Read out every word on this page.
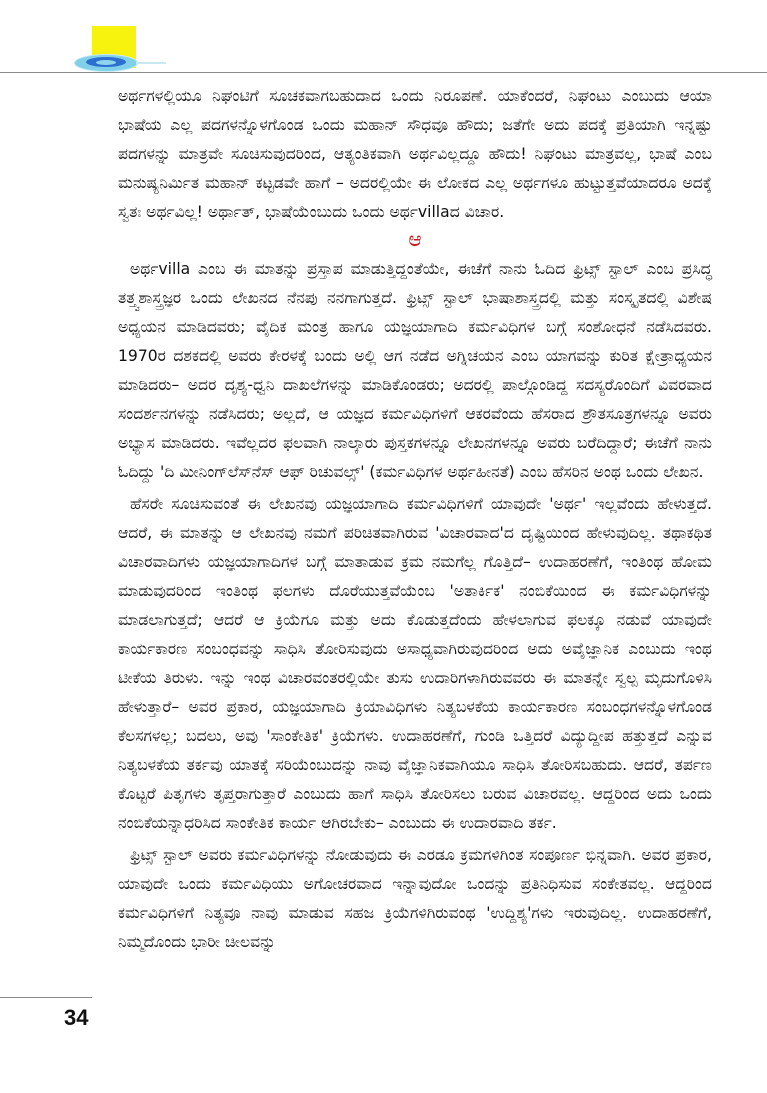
ಅರ್ಥಗಳಲ್ಲಿಯೂ ನಿಘಂಟಿಗೆ ಸೂಚಕವಾಗಬಹುದಾದ ಒಂದು ನಿರೂಪಣೆ. ಯಾಕೆಂದರೆ, ನಿಘಂಟು ಎಂಬುದು ಆಯಾ ಭಾಷೆಯ ಎಲ್ಲ ಪದಗಳನ್ನೊಳಗೊಂಡ ಒಂದು ಮಹಾನ್ ಸೌಧವೂ ಹೌದು; ಜತೆಗೇ ಅದು ಪದಕ್ಕೆ ಪ್ರತಿಯಾಗಿ ಇನ್ನಷ್ಟು ಪದಗಳನ್ನು ಮಾತ್ರವೇ ಸೂಚಿಸುವುದರಿಂದ, ಆತ್ಯಂತಿಕವಾಗಿ ಅರ್ಥವಿಲ್ಲದ್ದೂ ಹೌದು! ನಿಘಂಟು ಮಾತ್ರವಲ್ಲ, ಭಾಷೆ ಎಂಬ ಮನುಷ್ಯನಿರ್ಮಿತ ಮಹಾನ್ ಕಟ್ಟಡವೇ ಹಾಗೆ – ಅದರಲ್ಲಿಯೇ ಈ ಲೋಕದ ಎಲ್ಲ ಅರ್ಥಗಳೂ ಹುಟ್ಟುತ್ತವೆಯಾದರೂ ಅದಕ್ಕೆ ಸ್ವತಃ ಅರ್ಥವಿಲ್ಲ! ಅರ್ಥಾತ್, ಭಾಷೆಯೆಂಬುದು ಒಂದು ಅರ್ಥvillaದ ವಿಚಾರ.

ಆ

ಅರ್ಥvilla ಎಂಬ ಈ ಮಾತನ್ನು ಪ್ರಸ್ತಾಪ ಮಾಡುತ್ತಿದ್ದಂತೆಯೇ, ಈಚೆಗೆ ನಾನು ಓದಿದ ಫ್ರಿಟ್ಸ್ ಸ್ಟಾಲ್ ಎಂಬ ಪ್ರಸಿದ್ಧ ತತ್ತ್ವಶಾಸ್ತ್ರಜ್ಞರ ಒಂದು ಲೇಖನದ ನೆನಪು ನನಗಾಗುತ್ತದೆ. ಫ್ರಿಟ್ಸ್ ಸ್ಟಾಲ್ ಭಾಷಾಶಾಸ್ತ್ರದಲ್ಲಿ ಮತ್ತು ಸಂಸ್ಕೃತದಲ್ಲಿ ವಿಶೇಷ ಅಧ್ಯಯನ ಮಾಡಿದವರು; ವೈದಿಕ ಮಂತ್ರ ಹಾಗೂ ಯಜ್ಞಯಾಗಾದಿ ಕರ್ಮವಿಧಿಗಳ ಬಗ್ಗೆ ಸಂಶೋಧನೆ ನಡೆಸಿದವರು. 1970ರ ದಶಕದಲ್ಲಿ ಅವರು ಕೇರಳಕ್ಕೆ ಬಂದು ಅಲ್ಲಿ ಆಗ ನಡೆದ ಅಗ್ನಿಚಯನ ಎಂಬ ಯಾಗವನ್ನು ಕುರಿತ ಕ್ಷೇತ್ರಾಧ್ಯಯನ ಮಾಡಿದರು– ಅದರ ದೃಶ್ಯ-ಧ್ವನಿ ದಾಖಲೆಗಳನ್ನು ಮಾಡಿಕೊಂಡರು; ಅದರಲ್ಲಿ ಪಾಲ್ಗೊಂಡಿದ್ದ ಸದಸ್ಯರೊಂದಿಗೆ ವಿವರವಾದ ಸಂದರ್ಶನಗಳನ್ನು ನಡೆಸಿದರು; ಅಲ್ಲದೆ, ಆ ಯಜ್ಞದ ಕರ್ಮವಿಧಿಗಳಿಗೆ ಆಕರವೆಂದು ಹೆಸರಾದ ಶ್ರೌತಸೂತ್ರಗಳನ್ನೂ ಅವರು ಅಭ್ಯಾಸ ಮಾಡಿದರು. ಇವೆಲ್ಲದರ ಫಲವಾಗಿ ನಾಲ್ಕಾರು ಪುಸ್ತಕಗಳನ್ನೂ ಲೇಖನಗಳನ್ನೂ ಅವರು ಬರೆದಿದ್ದಾರೆ; ಈಚೆಗೆ ನಾನು ಓದಿದ್ದು 'ದಿ ಮೀನಿಂಗ್‌ಲೆಸ್‌ನೆಸ್ ಆಫ್ ರಿಚುವಲ್ಸ್' (ಕರ್ಮವಿಧಿಗಳ ಅರ್ಥಹೀನತೆ) ಎಂಬ ಹೆಸರಿನ ಅಂಥ ಒಂದು ಲೇಖನ.

ಹೆಸರೇ ಸೂಚಿಸುವಂತೆ ಈ ಲೇಖನವು ಯಜ್ಞಯಾಗಾದಿ ಕರ್ಮವಿಧಿಗಳಿಗೆ ಯಾವುದೇ 'ಅರ್ಥ' ಇಲ್ಲವೆಂದು ಹೇಳುತ್ತದೆ. ಆದರೆ, ಈ ಮಾತನ್ನು ಆ ಲೇಖನವು ನಮಗೆ ಪರಿಚಿತವಾಗಿರುವ 'ವಿಚಾರವಾದ'ದ ದೃಷ್ಟಿಯಿಂದ ಹೇಳುವುದಿಲ್ಲ. ತಥಾಕಥಿತ ವಿಚಾರವಾದಿಗಳು ಯಜ್ಞಯಾಗಾದಿಗಳ ಬಗ್ಗೆ ಮಾತಾಡುವ ಕ್ರಮ ನಮಗೆಲ್ಲ ಗೊತ್ತಿದೆ– ಉದಾಹರಣೆಗೆ, ಇಂತಿಂಥ ಹೋಮ ಮಾಡುವುದರಿಂದ ಇಂತಿಂಥ ಫಲಗಳು ದೊರೆಯುತ್ತವೆಯೆಂಬ 'ಅತಾರ್ಕಿಕ' ನಂಬಿಕೆಯಿಂದ ಈ ಕರ್ಮವಿಧಿಗಳನ್ನು ಮಾಡಲಾಗುತ್ತದೆ; ಆದರೆ ಆ ಕ್ರಿಯೆಗೂ ಮತ್ತು ಅದು ಕೊಡುತ್ತದೆಂದು ಹೇಳಲಾಗುವ ಫಲಕ್ಕೂ ನಡುವೆ ಯಾವುದೇ ಕಾರ್ಯಕಾರಣ ಸಂಬಂಧವನ್ನು ಸಾಧಿಸಿ ತೋರಿಸುವುದು ಅಸಾಧ್ಯವಾಗಿರುವುದರಿಂದ ಅದು ಅವೈಜ್ಞಾನಿಕ ಎಂಬುದು ಇಂಥ ಟೀಕೆಯ ತಿರುಳು. ಇನ್ನು ಇಂಥ ವಿಚಾರವಂತರಲ್ಲಿಯೇ ತುಸು ಉದಾರಿಗಳಾಗಿರುವವರು ಈ ಮಾತನ್ನೇ ಸ್ವಲ್ಪ ಮೃದುಗೊಳಿಸಿ ಹೇಳುತ್ತಾರೆ– ಅವರ ಪ್ರಕಾರ, ಯಜ್ಞಯಾಗಾದಿ ಕ್ರಿಯಾವಿಧಿಗಳು ನಿತ್ಯಬಳಕೆಯ ಕಾರ್ಯಕಾರಣ ಸಂಬಂಧಗಳನ್ನೊಳಗೊಂಡ ಕೆಲಸಗಳಲ್ಲ; ಬದಲು, ಅವು 'ಸಾಂಕೇತಿಕ' ಕ್ರಿಯೆಗಳು. ಉದಾಹರಣೆಗೆ, ಗುಂಡಿ ಒತ್ತಿದರೆ ವಿದ್ಯುದ್ದೀಪ ಹತ್ತುತ್ತದೆ ಎನ್ನುವ ನಿತ್ಯಬಳಕೆಯ ತರ್ಕವು ಯಾತಕ್ಕೆ ಸರಿಯೆಂಬುದನ್ನು ನಾವು ವೈಜ್ಞಾನಿಕವಾಗಿಯೂ ಸಾಧಿಸಿ ತೋರಿಸಬಹುದು. ಆದರೆ, ತರ್ಪಣ ಕೊಟ್ಟರೆ ಪಿತೃಗಳು ತೃಪ್ತರಾಗುತ್ತಾರೆ ಎಂಬುದು ಹಾಗೆ ಸಾಧಿಸಿ ತೋರಿಸಲು ಬರುವ ವಿಚಾರವಲ್ಲ. ಆದ್ದರಿಂದ ಅದು ಒಂದು ನಂಬಿಕೆಯನ್ನಾಧರಿಸಿದ ಸಾಂಕೇತಿಕ ಕಾರ್ಯ ಆಗಿರಬೇಕು– ಎಂಬುದು ಈ ಉದಾರವಾದಿ ತರ್ಕ.

ಫ್ರಿಟ್ಸ್ ಸ್ಟಾಲ್ ಅವರು ಕರ್ಮವಿಧಿಗಳನ್ನು ನೋಡುವುದು ಈ ಎರಡೂ ಕ್ರಮಗಳಿಗಿಂತ ಸಂಪೂರ್ಣ ಭಿನ್ನವಾಗಿ. ಅವರ ಪ್ರಕಾರ, ಯಾವುದೇ ಒಂದು ಕರ್ಮವಿಧಿಯು ಅಗೋಚರವಾದ ಇನ್ನಾವುದೋ ಒಂದನ್ನು ಪ್ರತಿನಿಧಿಸುವ ಸಂಕೇತವಲ್ಲ. ಆದ್ದರಿಂದ ಕರ್ಮವಿಧಿಗಳಿಗೆ ನಿತ್ಯವೂ ನಾವು ಮಾಡುವ ಸಹಜ ಕ್ರಿಯೆಗಳಿಗಿರುವಂಥ 'ಉದ್ದಿಶ್ಯ'ಗಳು ಇರುವುದಿಲ್ಲ. ಉದಾಹರಣೆಗೆ, ನಿಮ್ಮದೊಂದು ಭಾರೀ ಚೀಲವನ್ನು

34
